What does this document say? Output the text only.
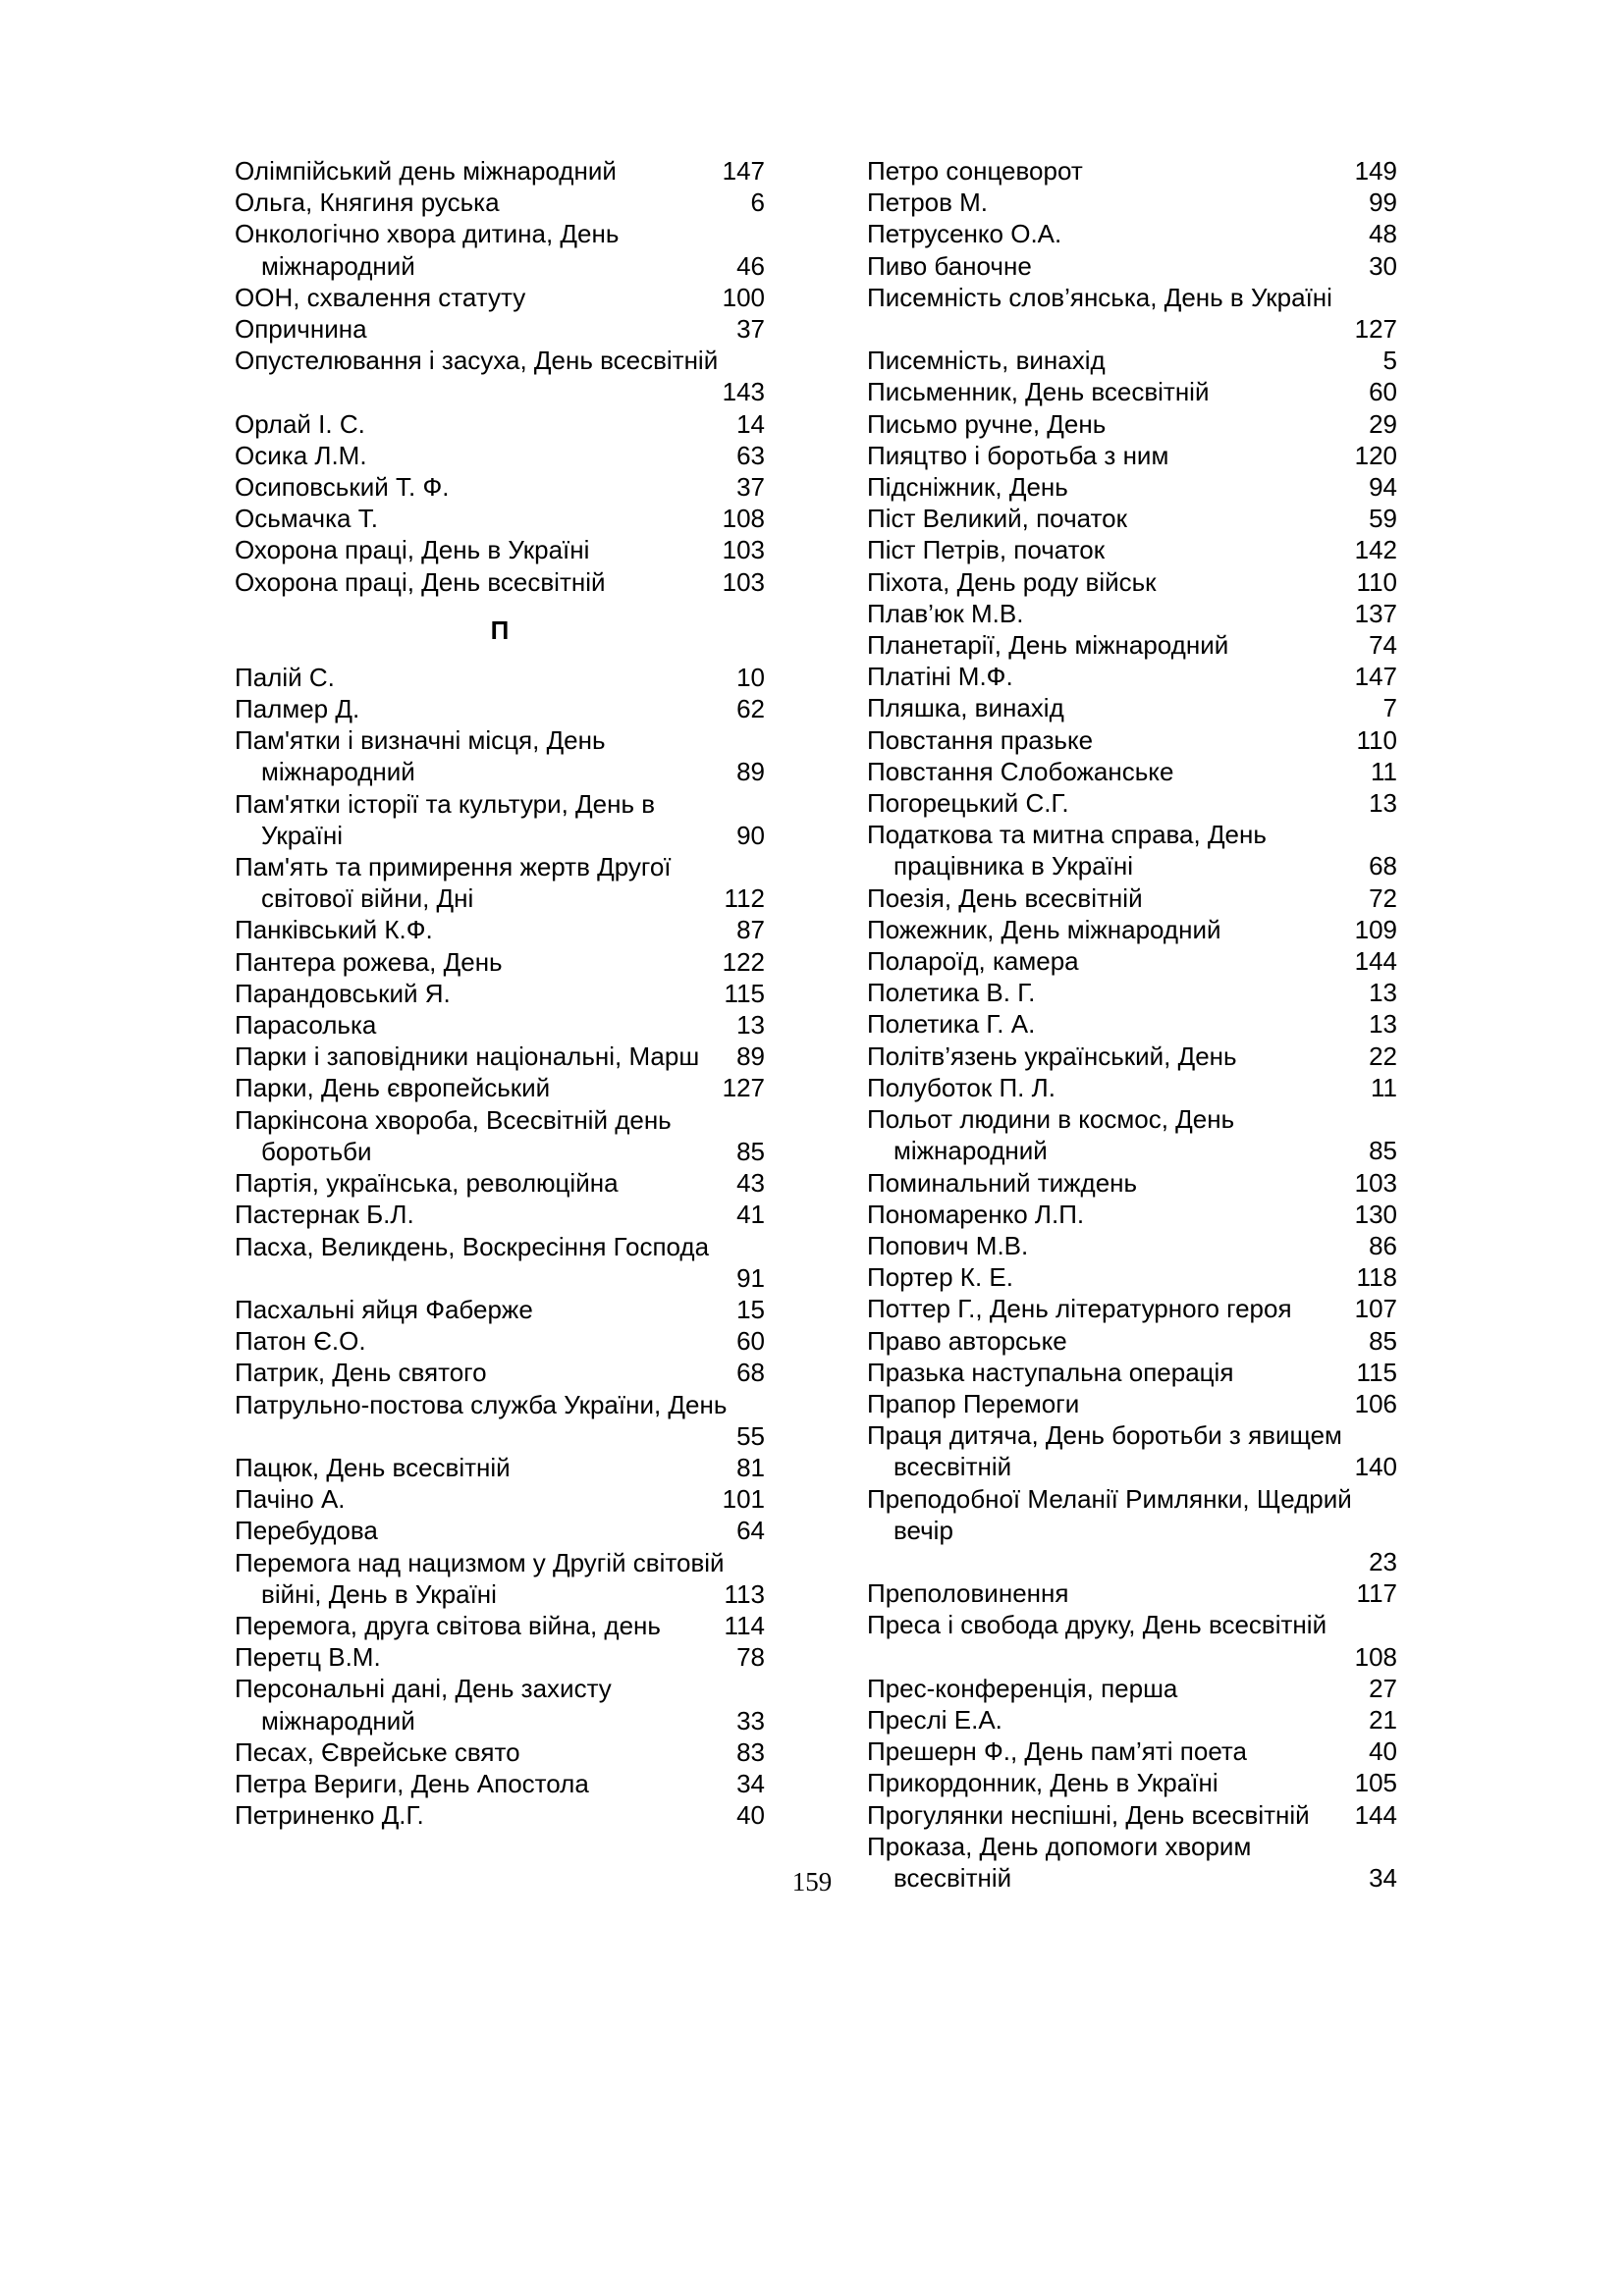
Олімпійський день міжнародний	147
Ольга, Княгиня руська	6
Онкологічно хвора дитина, День
міжнародний	46
ООН, схвалення статуту	100
Опричнина	37
Опустелювання і засуха, День всесвітній
143
Орлай І. С.	14
Осика Л.М.	63
Осиповський Т. Ф.	37
Осьмачка Т.	108
Охорона праці, День в Україні	103
Охорона праці, День всесвітній	103
П
Палій С.	10
Палмер Д.	62
Пам'ятки і визначні місця, День
міжнародний	89
Пам'ятки історії та культури, День в
Україні	90
Пам'ять та примирення жертв Другої
світової війни, Дні	112
Панківський К.Ф.	87
Пантера рожева, День	122
Парандовський Я.	115
Парасолька	13
Парки і заповідники національні, Марш 89
Парки, День європейський	127
Паркінсона хвороба, Всесвітній день
боротьби	85
Партія, українська, революційна	43
Пастернак Б.Л.	41
Пасха, Великдень, Воскресіння Господа
91
Пасхальні яйця Фаберже	15
Патон Є.О.	60
Патрик, День святого	68
Патрульно-постова служба України, День
55
Пацюк, День всесвітній	81
Пачіно А.	101
Перебудова	64
Перемога над нацизмом у Другій світовій
війні, День в Україні	113
Перемога, друга світова війна, день 114
Перетц В.М.	78
Персональні дані, День захисту
міжнародний	33
Песах, Єврейське свято	83
Петра Вериги, День Апостола	34
Петриненко Д.Г.	40
Петро сонцеворот	149
Петров М.	99
Петрусенко О.А.	48
Пиво баночне	30
Писемність слов’янська, День в Україні
127
Писемність, винахід	5
Письменник, День всесвітній	60
Письмо ручне, День	29
Пияцтво і боротьба з ним	120
Підсніжник, День	94
Піст Великий, початок	59
Піст Петрів, початок	142
Піхота, День роду військ	110
Плав’юк М.В.	137
Планетарії, День міжнародний	74
Платіні М.Ф.	147
Пляшка, винахід	7
Повстання празьке	110
Повстання Слобожанське	11
Погорецький С.Г.	13
Податкова та митна справа, День
працівника в Україні	68
Поезія, День всесвітній	72
Пожежник, День міжнародний	109
Полароїд, камера	144
Полетика В. Г.	13
Полетика Г. А.	13
Політв’язень український, День	22
Полуботок П. Л.	11
Польот людини в космос, День
міжнародний	85
Поминальний тиждень	103
Пономаренко Л.П.	130
Попович М.В.	86
Портер К. Е.	118
Поттер Г., День літературного героя 107
Право авторське	85
Празька наступальна операція	115
Прапор Перемоги	106
Праця дитяча, День боротьби з явищем
всесвітній	140
Преподобної Меланії Римлянки, Щедрий
вечір
23
Преполовинення	117
Преса і свобода друку, День всесвітній
108
Прес-конференція, перша	27
Преслі Е.А.	21
Прешерн Ф., День пам’яті поета	40
Прикордонник, День в Україні	105
Прогулянки неспішні, День всесвітній 144
Проказа, День допомоги хворим
всесвітній	34
159
